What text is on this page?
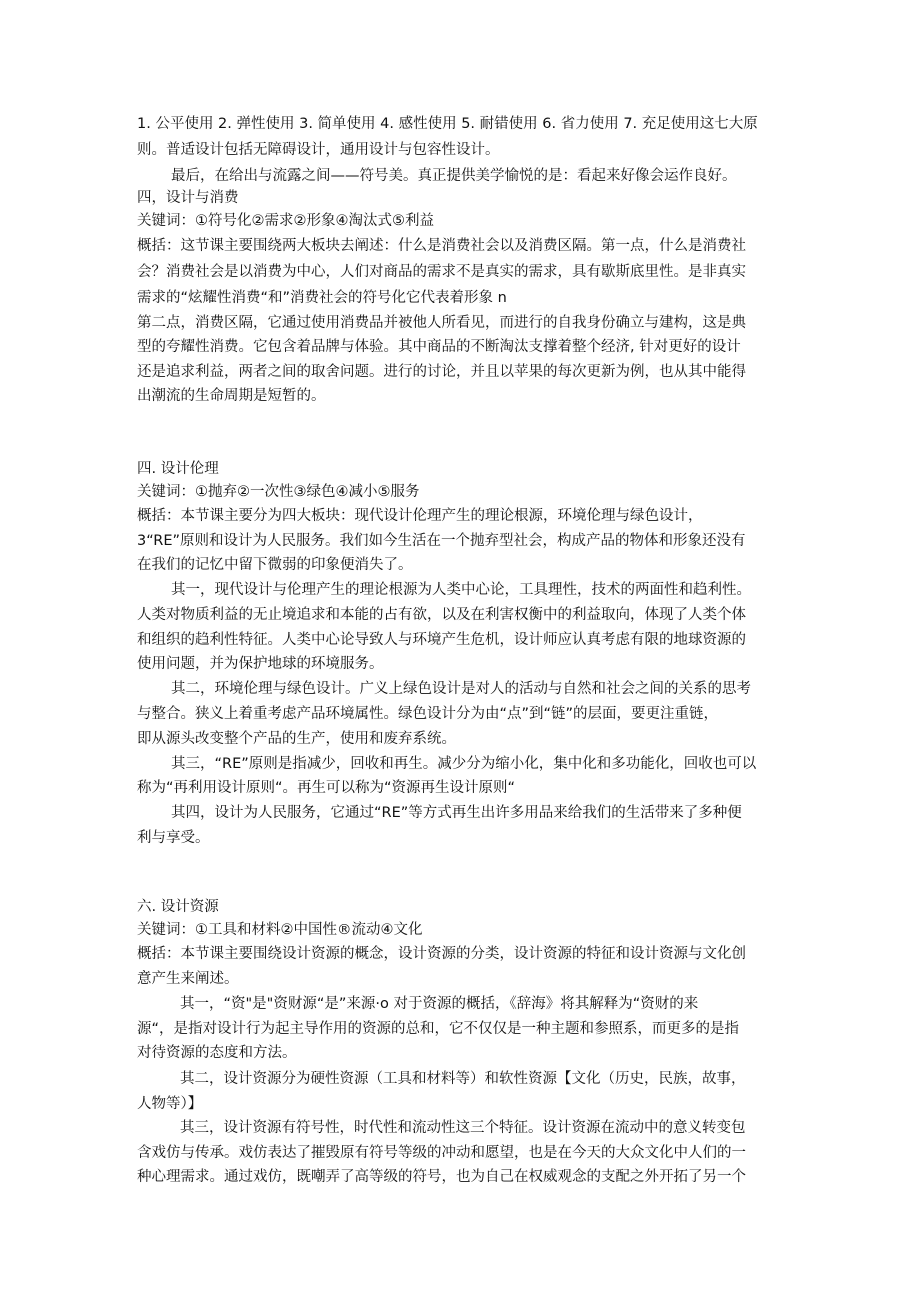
1. 公平使用 2. 弹性使用 3. 简单使用 4. 感性使用 5. 耐错使用 6. 省力使用 7. 充足使用这七大原
则。普适设计包括无障碍设计，通用设计与包容性设计。
最后，在给出与流露之间——符号美。真正提供美学愉悦的是：看起来好像会运作良好。
四，设计与消费
关键词：①符号化②需求②形象④淘汰式⑤利益
概括：这节课主要围绕两大板块去阐述：什么是消费社会以及消费区隔。第一点，什么是消费社
会？消费社会是以消费为中心，人们对商品的需求不是真实的需求，具有歇斯底里性。是非真实
需求的“炫耀性消费“和”消费社会的符号化它代表着形象 n
第二点，消费区隔，它通过使用消费品并被他人所看见，而进行的自我身份确立与建构，这是典
型的夸耀性消费。它包含着品牌与体验。其中商品的不断淘汰支撑着整个经济, 针对更好的设计
还是追求利益，两者之间的取舍问题。进行的讨论，并且以苹果的每次更新为例，也从其中能得
出潮流的生命周期是短暂的。
四. 设计伦理
关键词：①抛弃②一次性③绿色④减小⑤服务
概括：本节课主要分为四大板块：现代设计伦理产生的理论根源，环境伦理与绿色设计，
3“RE”原则和设计为人民服务。我们如今生活在一个抛弃型社会，构成产品的物体和形象还没有
在我们的记忆中留下微弱的印象便消失了。
其一，现代设计与伦理产生的理论根源为人类中心论，工具理性，技术的两面性和趋利性。
人类对物质利益的无止境追求和本能的占有欲，以及在利害权衡中的利益取向，体现了人类个体
和组织的趋利性特征。人类中心论导致人与环境产生危机，设计师应认真考虑有限的地球资源的
使用问题，并为保护地球的环境服务。
其二，环境伦理与绿色设计。广义上绿色设计是对人的活动与自然和社会之间的关系的思考
与整合。狭义上着重考虑产品环境属性。绿色设计分为由“点”到“链”的层面，要更注重链，
即从源头改变整个产品的生产，使用和废弃系统。
其三，“RE”原则是指减少，回收和再生。减少分为缩小化，集中化和多功能化，回收也可以
称为“再利用设计原则“。再生可以称为“资源再生设计原则“
其四，设计为人民服务，它通过“RE”等方式再生出许多用品来给我们的生活带来了多种便
利与享受。
六. 设计资源
关键词：①工具和材料②中国性®流动④文化
概括：本节课主要围绕设计资源的概念，设计资源的分类，设计资源的特征和设计资源与文化创
意产生来阐述。
其一，“资"是"资财源“是”来源·o 对于资源的概括，《辞海》将其解释为“资财的来
源“，是指对设计行为起主导作用的资源的总和，它不仅仅是一种主题和参照系，而更多的是指
对待资源的态度和方法。
其二，设计资源分为硬性资源（工具和材料等）和软性资源【文化（历史，民族，故事，
人物等）】
其三，设计资源有符号性，时代性和流动性这三个特征。设计资源在流动中的意义转变包
含戏仿与传承。戏仿表达了摧毁原有符号等级的冲动和愿望，也是在今天的大众文化中人们的一
种心理需求。通过戏仿，既嘲弄了高等级的符号，也为自己在权威观念的支配之外开拓了另一个
